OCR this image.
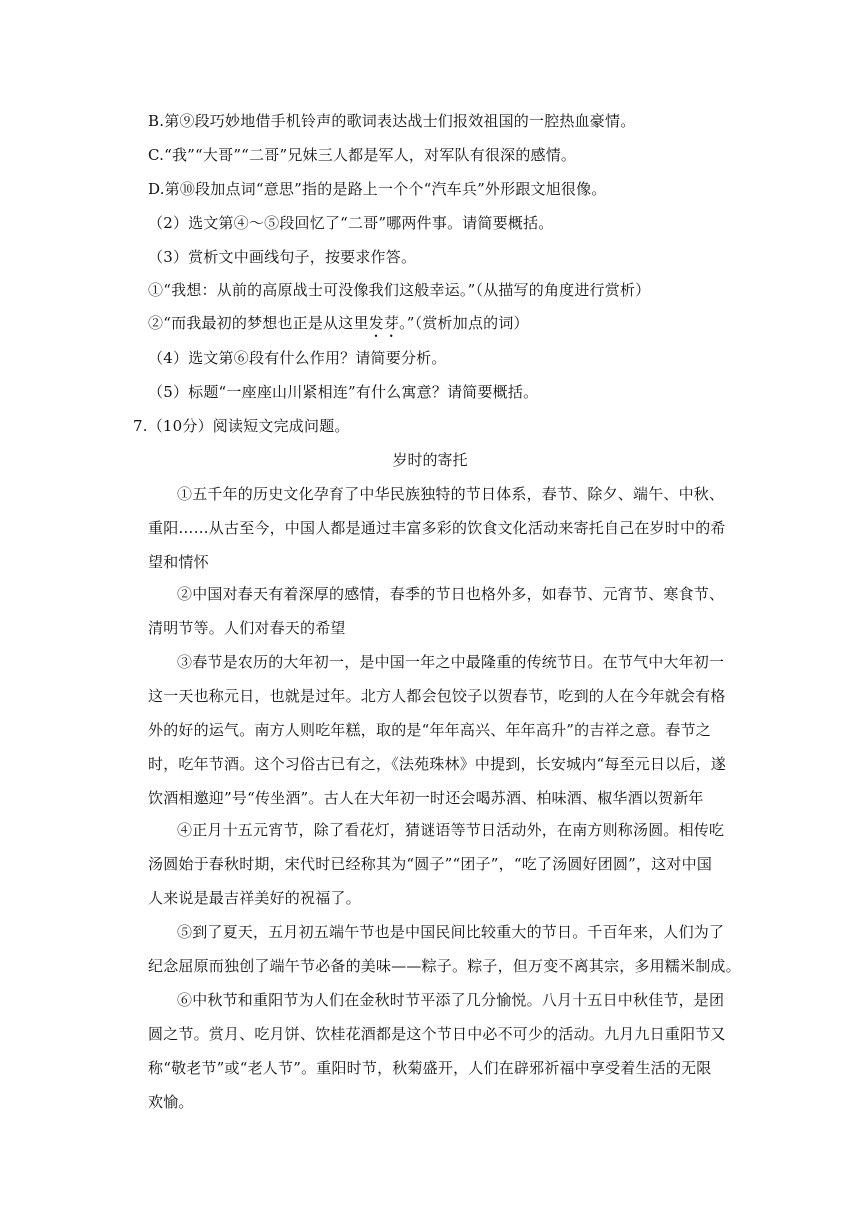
B.第⑨段巧妙地借手机铃声的歌词表达战士们报效祖国的一腔热血豪情。
C.“我”“大哥”“二哥”兄妹三人都是军人，对军队有很深的感情。
D.第⑩段加点词“意思”指的是路上一个个“汽车兵”外形跟文旭很像。
（2）选文第④～⑤段回忆了“二哥”哪两件事。请简要概括。
（3）赏析文中画线句子，按要求作答。
①“我想：从前的高原战士可没像我们这般幸运。”（从描写的角度进行赏析）
②“而我最初的梦想也正是从这里发芽。”（赏析加点的词）
（4）选文第⑥段有什么作用？请简要分析。
（5）标题“一座座山川紧相连”有什么寓意？请简要概括。
7.（10分）阅读短文完成问题。
岁时的寄托
①五千年的历史文化孕育了中华民族独特的节日体系，春节、除夕、端午、中秋、
重阳……从古至今，中国人都是通过丰富多彩的饮食文化活动来寄托自己在岁时中的希
望和情怀
②中国对春天有着深厚的感情，春季的节日也格外多，如春节、元宵节、寒食节、
清明节等。人们对春天的希望
③春节是农历的大年初一，是中国一年之中最隆重的传统节日。在节气中大年初一
这一天也称元日，也就是过年。北方人都会包饺子以贺春节，吃到的人在今年就会有格
外的好的运气。南方人则吃年糕，取的是“年年高兴、年年高升”的吉祥之意。春节之
时，吃年节酒。这个习俗古已有之，《法苑珠林》中提到，长安城内“每至元日以后，遂
饮酒相邀迎”号“传坐酒”。古人在大年初一时还会喝苏酒、柏味酒、椒华酒以贺新年
④正月十五元宵节，除了看花灯，猜谜语等节日活动外，在南方则称汤圆。相传吃
汤圆始于春秋时期，宋代时已经称其为“圆子”“团子”，“吃了汤圆好团圆”，这对中国
人来说是最吉祥美好的祝福了。
⑤到了夏天，五月初五端午节也是中国民间比较重大的节日。千百年来，人们为了
纪念屈原而独创了端午节必备的美味——粽子。粽子，但万变不离其宗，多用糯米制成。
⑥中秋节和重阳节为人们在金秋时节平添了几分愉悦。八月十五日中秋佳节，是团
圆之节。赏月、吃月饼、饮桂花酒都是这个节日中必不可少的活动。九月九日重阳节又
称“敬老节”或“老人节”。重阳时节，秋菊盛开，人们在辟邪祈福中享受着生活的无限
欢愉。
